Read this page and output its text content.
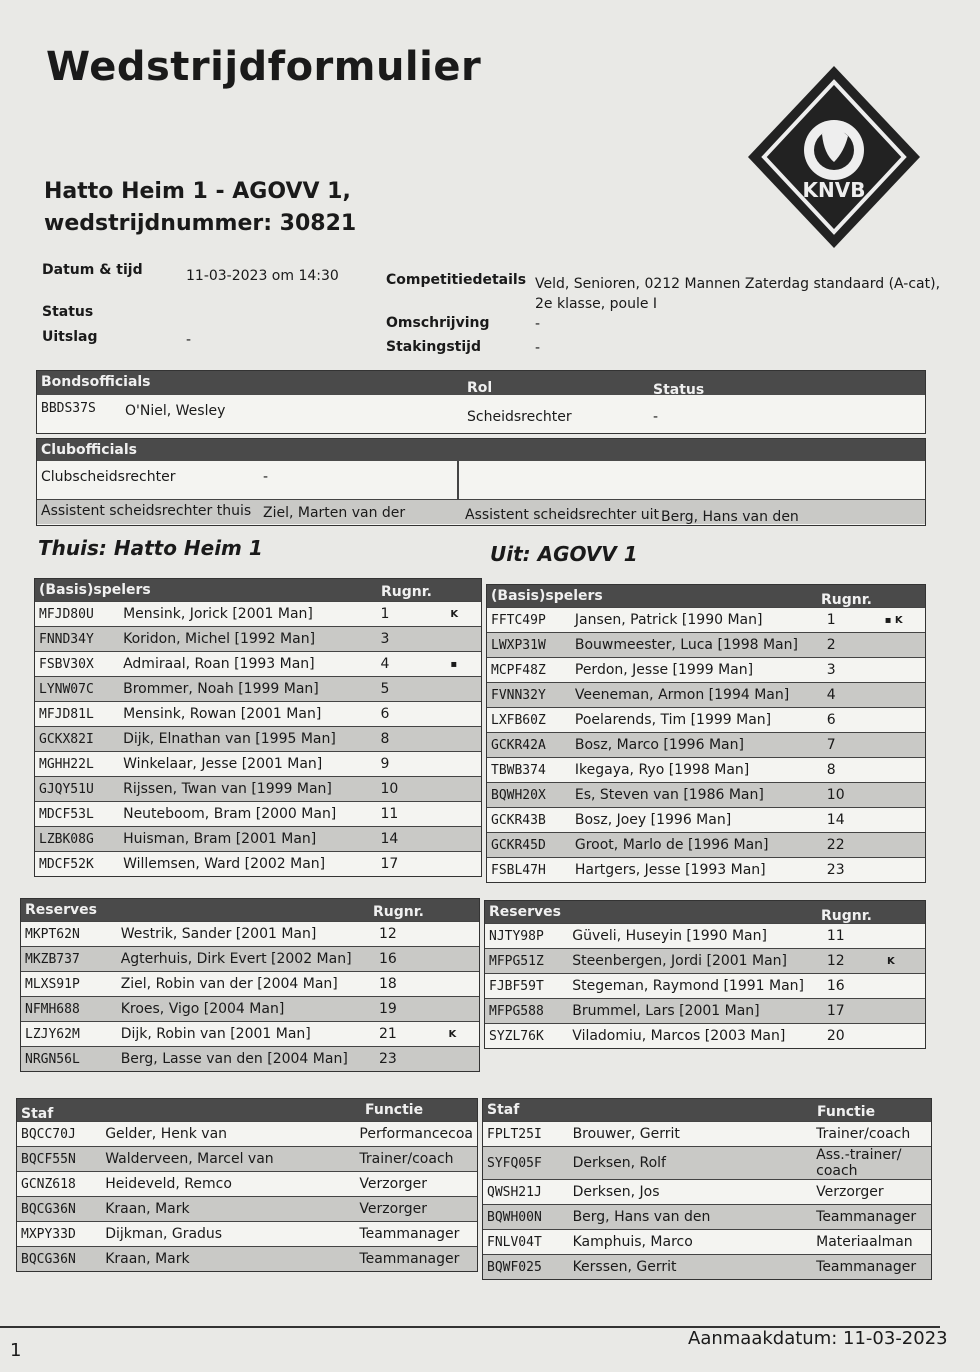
Wedstrijdformulier
Hatto Heim 1 - AGOVV 1,
wedstrijdnummer: 30821
KNVB
Datum & tijd	11-03-2023 om 14:30
Status
Uitslag	-
Competitiedetails Veld, Senioren, 0212 Mannen Zaterdag standaard (A-cat),
2e klasse, poule I
Omschrijving	-
Stakingstijd	-
Bondsofficials	Rol	Status
BBDS37S O'Niel, Wesley	Scheidsrechter	-
Clubofficials
Clubscheidsrechter	-
Assistent scheidsrechter thuis Ziel, Marten van der	Assistent scheidsrechter uit Berg, Hans van den
Thuis: Hatto Heim 1	Uit: AGOVV 1
(Basis)spelers	Rugnr.
MFJD80U	Mensink, Jorick [2001 Man]	1	K
FNND34Y	Koridon, Michel [1992 Man]	3	
FSBV30X	Admiraal, Roan [1993 Man]	4	▪
LYNW07C	Brommer, Noah [1999 Man]	5	
MFJD81L	Mensink, Rowan [2001 Man]	6	
GCKX82I	Dijk, Elnathan van [1995 Man]	8	
MGHH22L	Winkelaar, Jesse [2001 Man]	9	
GJQY51U	Rijssen, Twan van [1999 Man]	10	
MDCF53L	Neuteboom, Bram [2000 Man]	11	
LZBK08G	Huisman, Bram [2001 Man]	14	
MDCF52K	Willemsen, Ward [2002 Man]	17	
(Basis)spelers	Rugnr.
FFTC49P	Jansen, Patrick [1990 Man]	1	▪ K
LWXP31W	Bouwmeester, Luca [1998 Man]	2	
MCPF48Z	Perdon, Jesse [1999 Man]	3	
FVNN32Y	Veeneman, Armon [1994 Man]	4	
LXFB60Z	Poelarends, Tim [1999 Man]	6	
GCKR42A	Bosz, Marco [1996 Man]	7	
TBWB374	Ikegaya, Ryo [1998 Man]	8	
BQWH20X	Es, Steven van [1986 Man]	10	
GCKR43B	Bosz, Joey [1996 Man]	14	
GCKR45D	Groot, Marlo de [1996 Man]	22	
FSBL47H	Hartgers, Jesse [1993 Man]	23	
Reserves	Rugnr.
MKPT62N	Westrik, Sander [2001 Man]	12	
MKZB737	Agterhuis, Dirk Evert [2002 Man]	16	
MLXS91P	Ziel, Robin van der [2004 Man]	18	
NFMH688	Kroes, Vigo [2004 Man]	19	
LZJY62M	Dijk, Robin van [2001 Man]	21	K
NRGN56L	Berg, Lasse van den [2004 Man]	23	
Reserves	Rugnr.
NJTY98P	Güveli, Huseyin [1990 Man]	11	
MFPG51Z	Steenbergen, Jordi [2001 Man]	12	K
FJBF59T	Stegeman, Raymond [1991 Man]	16	
MFPG588	Brummel, Lars [2001 Man]	17	
SYZL76K	Viladomiu, Marcos [2003 Man]	20	
Staf	Functie
BQCC70J	Gelder, Henk van	Performancecoa
BQCF55N	Walderveen, Marcel van	Trainer/coach
GCNZ618	Heideveld, Remco	Verzorger
BQCG36N	Kraan, Mark	Verzorger
MXPY33D	Dijkman, Gradus	Teammanager
BQCG36N	Kraan, Mark	Teammanager
Staf	Functie
FPLT25I	Brouwer, Gerrit	Trainer/coach
SYFQ05F	Derksen, Rolf	Ass.-trainer/ coach
QWSH21J	Derksen, Jos	Verzorger
BQWH00N	Berg, Hans van den	Teammanager
FNLV04T	Kamphuis, Marco	Materiaalman
BQWF025	Kerssen, Gerrit	Teammanager
1
Aanmaakdatum: 11-03-2023
